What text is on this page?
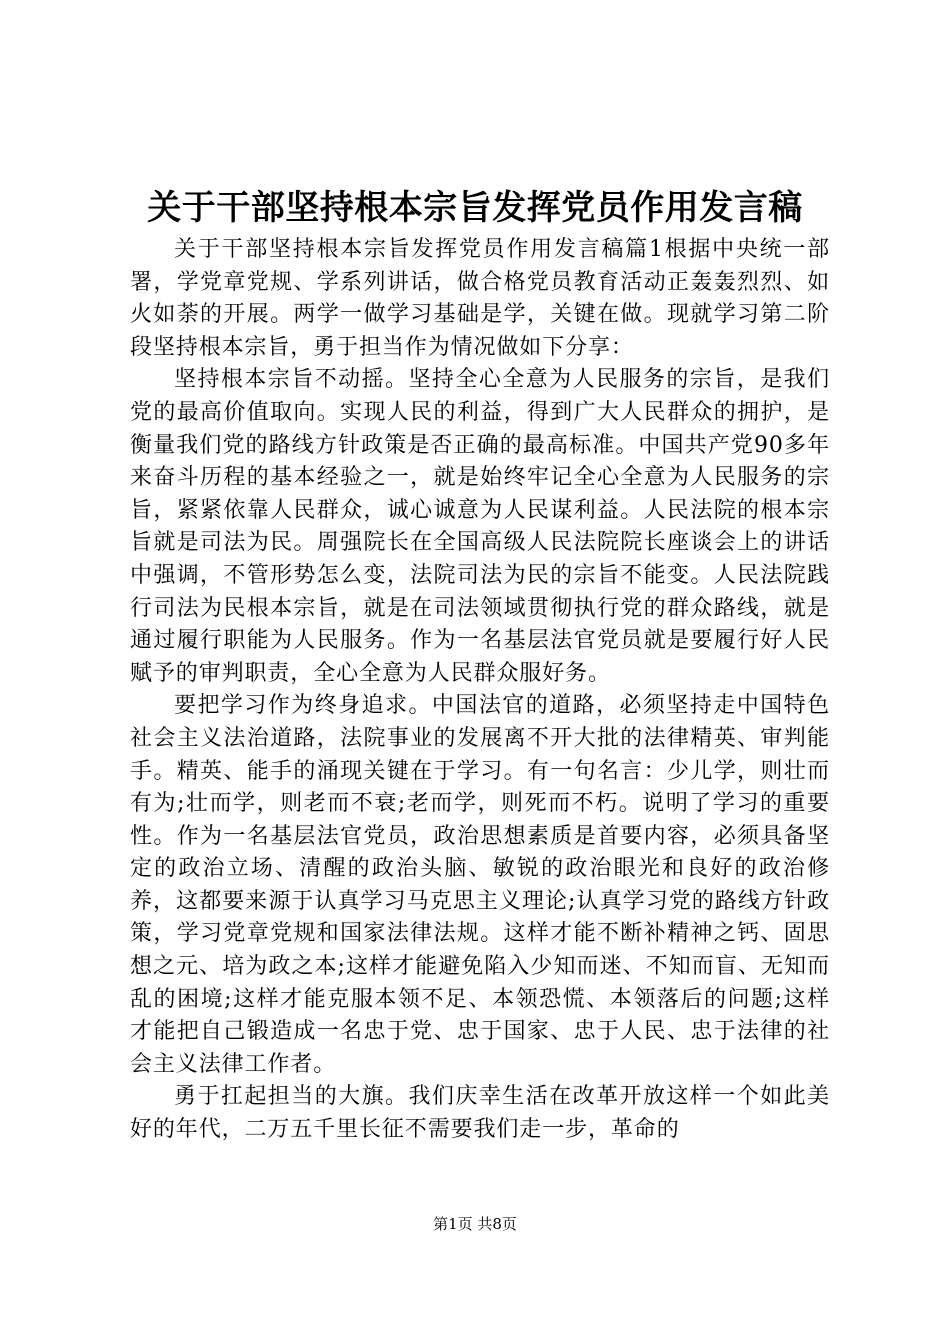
关于干部坚持根本宗旨发挥党员作用发言稿

关于干部坚持根本宗旨发挥党员作用发言稿篇1根据中央统一部署，学党章党规、学系列讲话，做合格党员教育活动正轰轰烈烈、如火如荼的开展。两学一做学习基础是学，关键在做。现就学习第二阶段坚持根本宗旨，勇于担当作为情况做如下分享：

坚持根本宗旨不动摇。坚持全心全意为人民服务的宗旨，是我们党的最高价值取向。实现人民的利益，得到广大人民群众的拥护，是衡量我们党的路线方针政策是否正确的最高标准。中国共产党90多年来奋斗历程的基本经验之一，就是始终牢记全心全意为人民服务的宗旨，紧紧依靠人民群众，诚心诚意为人民谋利益。人民法院的根本宗旨就是司法为民。周强院长在全国高级人民法院院长座谈会上的讲话中强调，不管形势怎么变，法院司法为民的宗旨不能变。人民法院践行司法为民根本宗旨，就是在司法领域贯彻执行党的群众路线，就是通过履行职能为人民服务。作为一名基层法官党员就是要履行好人民赋予的审判职责，全心全意为人民群众服好务。

要把学习作为终身追求。中国法官的道路，必须坚持走中国特色社会主义法治道路，法院事业的发展离不开大批的法律精英、审判能手。精英、能手的涌现关键在于学习。有一句名言：少儿学，则壮而有为;壮而学，则老而不衰;老而学，则死而不朽。说明了学习的重要性。作为一名基层法官党员，政治思想素质是首要内容，必须具备坚定的政治立场、清醒的政治头脑、敏锐的政治眼光和良好的政治修养，这都要来源于认真学习马克思主义理论;认真学习党的路线方针政策，学习党章党规和国家法律法规。这样才能不断补精神之钙、固思想之元、培为政之本;这样才能避免陷入少知而迷、不知而盲、无知而乱的困境;这样才能克服本领不足、本领恐慌、本领落后的问题;这样才能把自己锻造成一名忠于党、忠于国家、忠于人民、忠于法律的社会主义法律工作者。

勇于扛起担当的大旗。我们庆幸生活在改革开放这样一个如此美好的年代，二万五千里长征不需要我们走一步，革命的

第1页 共8页
